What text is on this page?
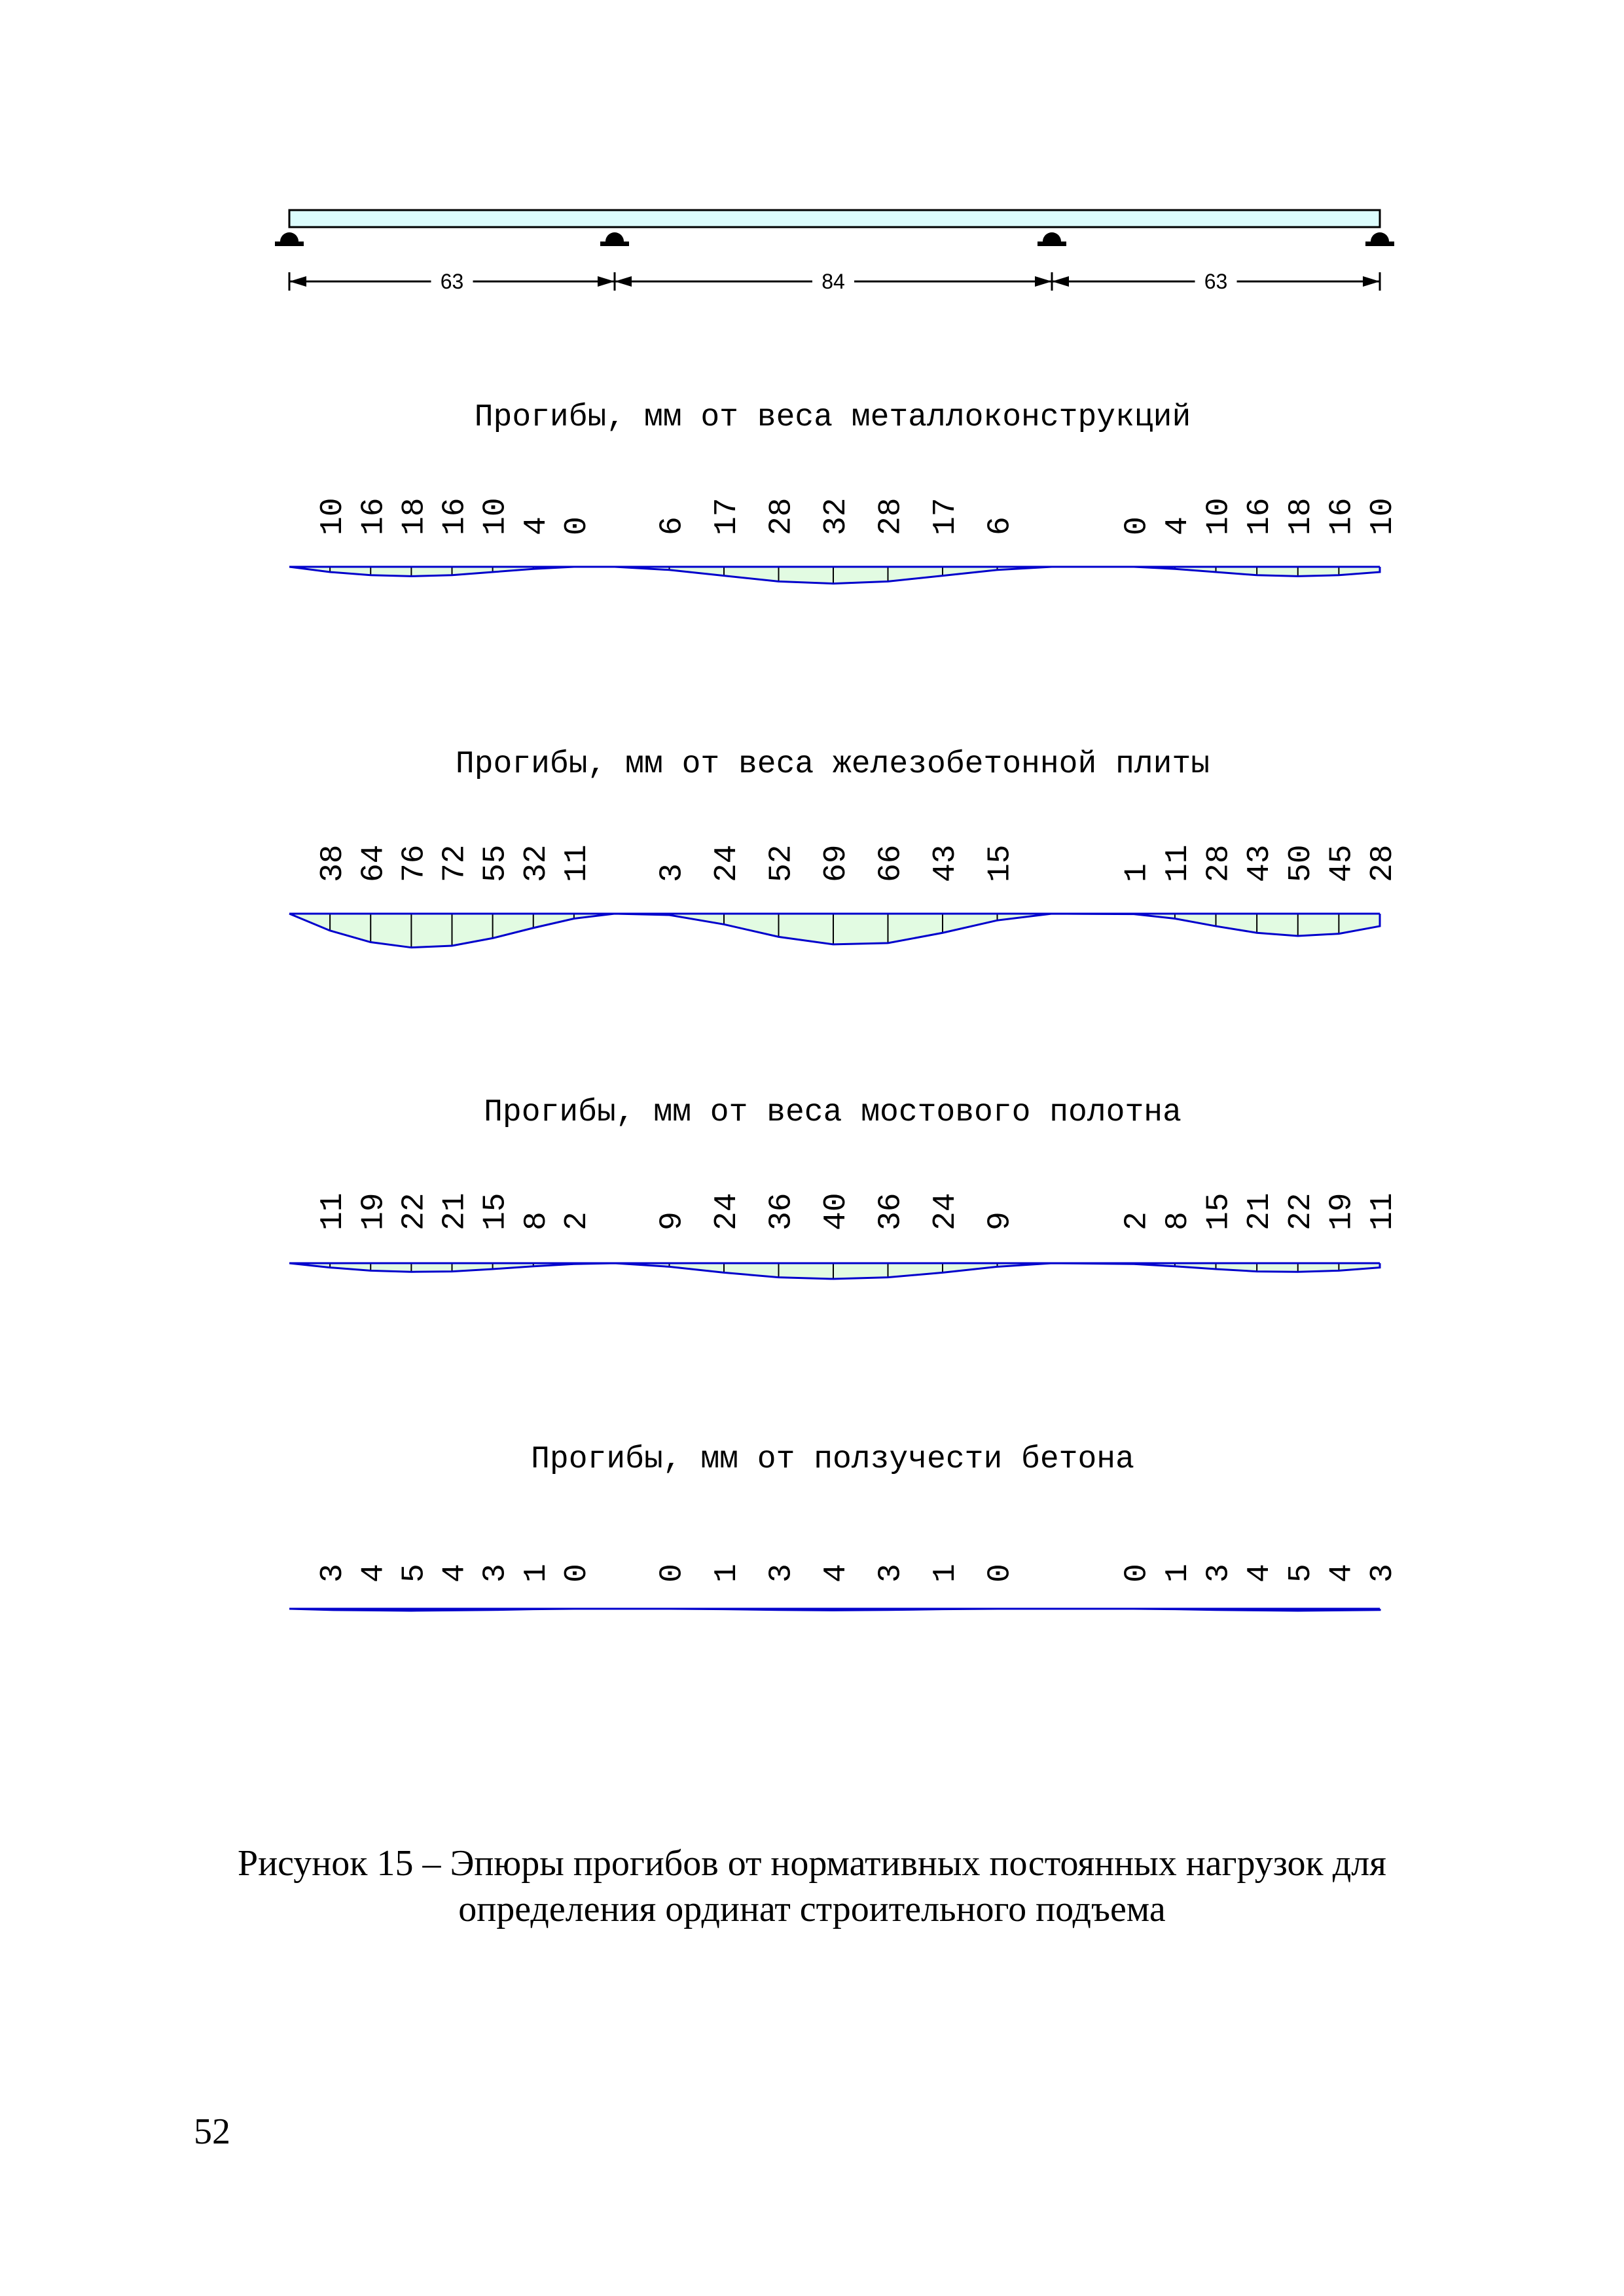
63	84	63
Прогибы, мм от веса металлоконструкций
10 16 18 16 10 4 0 6 17 28 32 28 17 6	0 4 10 16 18 16 10
Прогибы, мм от веса железобетонной плиты
38 64 76 72 55 32 11 3 24 52 69 66 43 15	1 11 28 43 50 45 28
Прогибы, мм от веса мостового полотна
11 19 22 21 15 8 2 9 24 36 40 36 24 9	2 8 15 21 22 19 11
Прогибы, мм от ползучести бетона
3 4 5 4 3 1 0 0 1 3 4 3 1 0	0 1 3 4 5 4 3
Рисунок 15 – Эпюры прогибов от нормативных постоянных нагрузок для
определения ординат строительного подъема
52
